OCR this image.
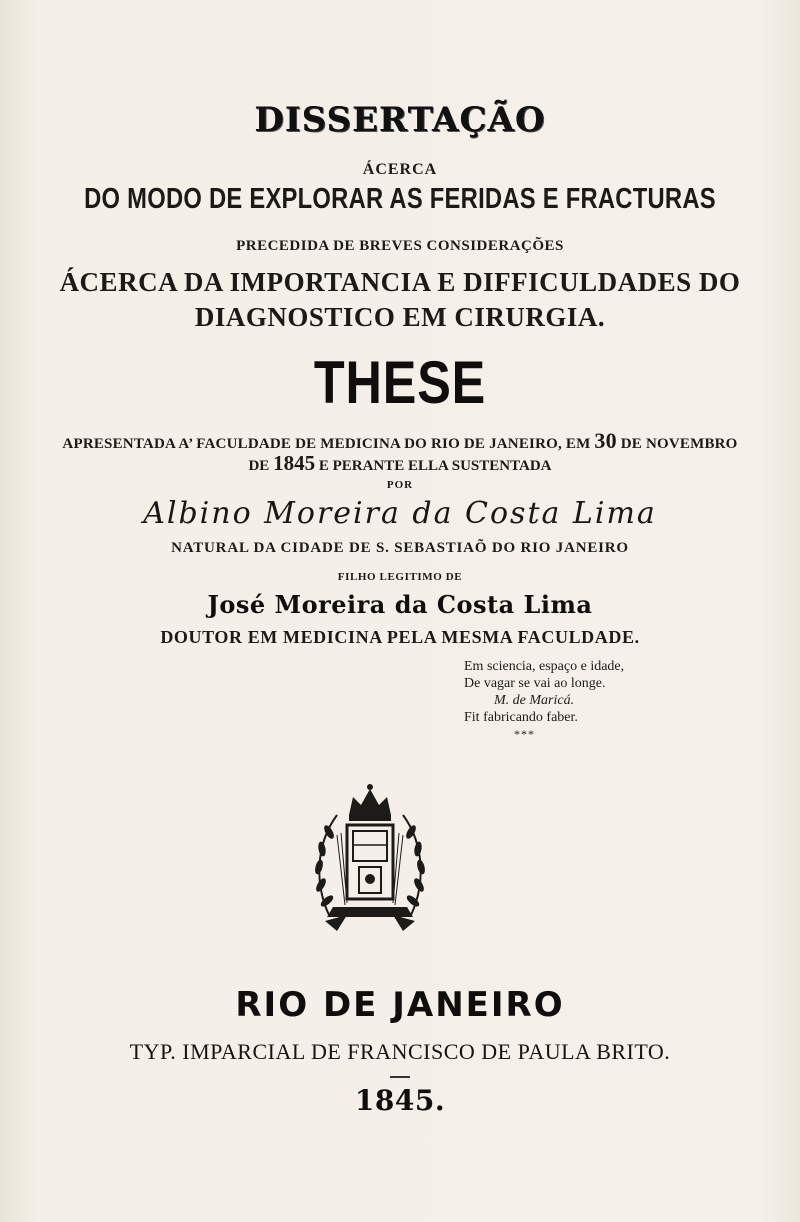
DISSERTAÇÃO
ÁCERCA
DO MODO DE EXPLORAR AS FERIDAS E FRACTURAS
PRECEDIDA DE BREVES CONSIDERAÇÕES
ÁCERCA DA IMPORTANCIA E DIFFICULDADES DO
DIAGNOSTICO EM CIRURGIA.
THESE
APRESENTADA A’ FACULDADE DE MEDICINA DO RIO DE JANEIRO, EM 30 DE NOVEMBRO
DE 1845 E PERANTE ELLA SUSTENTADA
POR
Albino Moreira da Costa Lima
NATURAL DA CIDADE DE S. SEBASTIAÕ DO RIO JANEIRO
FILHO LEGITIMO DE
José Moreira da Costa Lima
DOUTOR EM MEDICINA PELA MESMA FACULDADE.
Em sciencia, espaço e idade,
De vagar se vai ao longe.
M. de Maricá.
Fit fabricando faber.
***
RIO DE JANEIRO
TYP. IMPARCIAL DE FRANCISCO DE PAULA BRITO.
1845.
